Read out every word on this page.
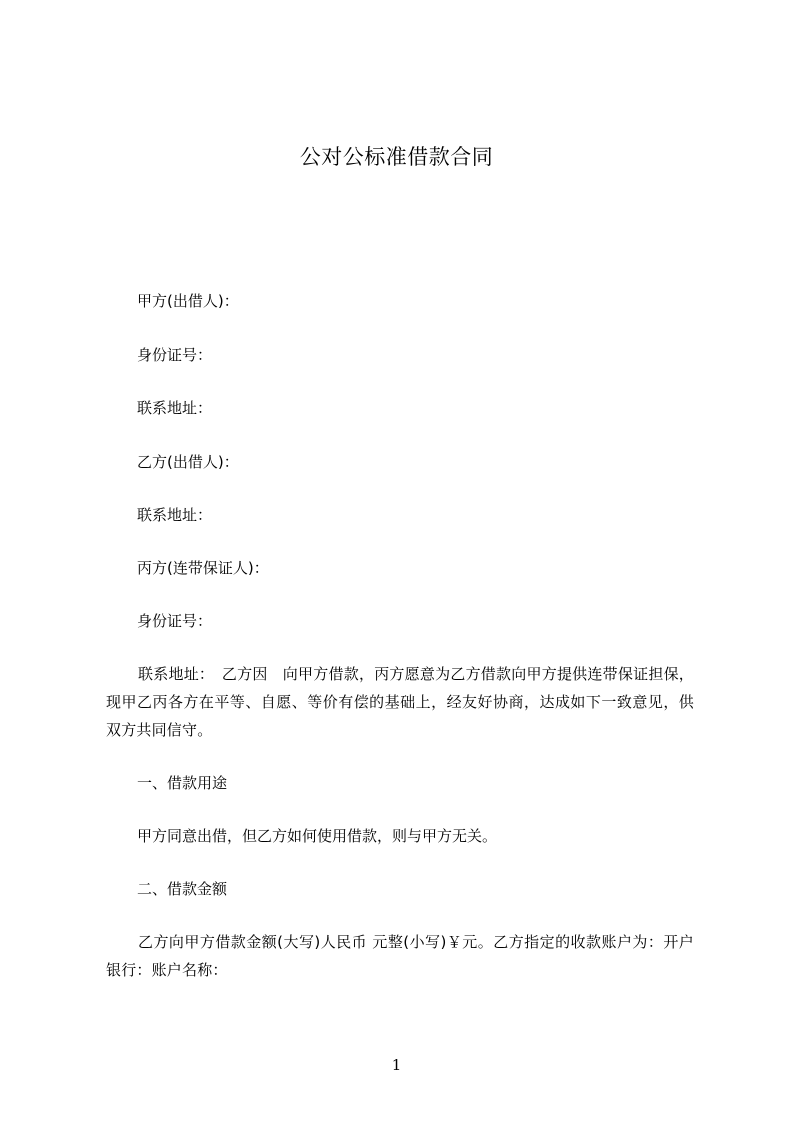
公对公标准借款合同
甲方(出借人)：
身份证号：
联系地址：
乙方(出借人)：
联系地址：
丙方(连带保证人)：
身份证号：
联系地址：　乙方因　向甲方借款，丙方愿意为乙方借款向甲方提供连带保证担保，现甲乙丙各方在平等、自愿、等价有偿的基础上，经友好协商，达成如下一致意见，供双方共同信守。
一、借款用途
甲方同意出借，但乙方如何使用借款，则与甲方无关。
二、借款金额
乙方向甲方借款金额(大写)人民币 元整(小写)￥元。乙方指定的收款账户为：开户银行：账户名称：
1
